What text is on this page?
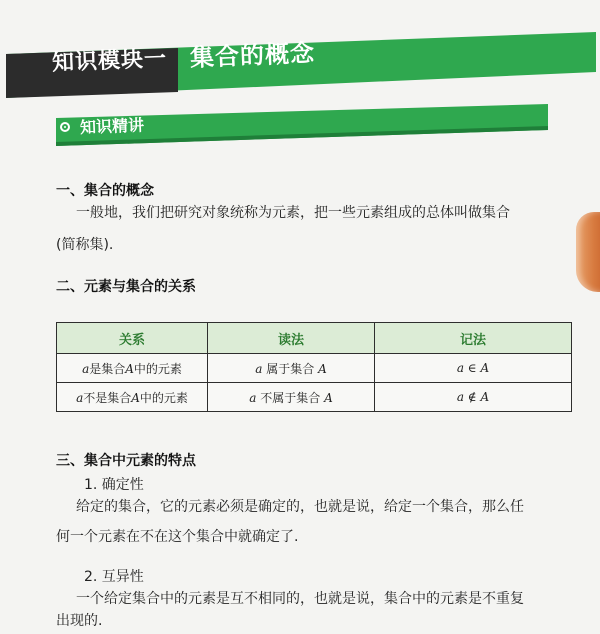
知识模块一 集合的概念
知识精讲
一、集合的概念
一般地，我们把研究对象统称为元素，把一些元素组成的总体叫做集合
(简称集).
二、元素与集合的关系
关系	读法	记法
a是集合A中的元素	a 属于集合 A	a ∈ A
a不是集合A中的元素	a 不属于集合 A	a ∉ A
三、集合中元素的特点
1. 确定性
给定的集合，它的元素必须是确定的，也就是说，给定一个集合，那么任
何一个元素在不在这个集合中就确定了.
2. 互异性
一个给定集合中的元素是互不相同的，也就是说，集合中的元素是不重复
出现的.
